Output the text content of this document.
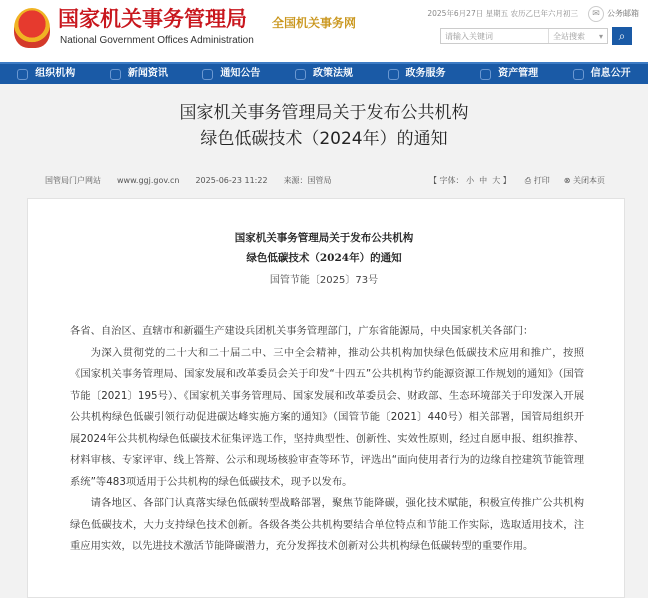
国家机关事务管理局
National Government Offices Administration
全国机关事务网
2025年6月27日 星期五 农历乙巳年六月初三	✉ 公务邮箱
请输入关键词	全站搜索 ▾	⌕
组织机构	新闻资讯	通知公告	政策法规	政务服务	资产管理	信息公开
国家机关事务管理局关于发布公共机构
绿色低碳技术（2024年）的通知
国管局门户网站 www.ggj.gov.cn 2025-06-23 11:22 来源：国管局	【 字体： 小 中 大 】 ⎙ 打印 ⊗ 关闭本页
国家机关事务管理局关于发布公共机构
绿色低碳技术（2024年）的通知
国管节能〔2025〕73号

各省、自治区、直辖市和新疆生产建设兵团机关事务管理部门，广东省能源局，中央国家机关各部门：

为深入贯彻党的二十大和二十届二中、三中全会精神，推动公共机构加快绿色低碳技术应用和推广，按照《国家机关事务管理局、国家发展和改革委员会关于印发“十四五”公共机构节约能源资源工作规划的通知》（国管节能〔2021〕195号）、《国家机关事务管理局、国家发展和改革委员会、财政部、生态环境部关于印发深入开展公共机构绿色低碳引领行动促进碳达峰实施方案的通知》（国管节能〔2021〕440号）相关部署，国管局组织开展2024年公共机构绿色低碳技术征集评选工作，坚持典型性、创新性、实效性原则，经过自愿申报、组织推荐、材料审核、专家评审、线上答辩、公示和现场核验审查等环节，评选出“面向使用者行为的边缘自控建筑节能管理系统”等483项适用于公共机构的绿色低碳技术，现予以发布。

请各地区、各部门认真落实绿色低碳转型战略部署，聚焦节能降碳，强化技术赋能，积极宣传推广公共机构绿色低碳技术，大力支持绿色技术创新。各级各类公共机构要结合单位特点和节能工作实际，选取适用技术，注重应用实效，以先进技术激活节能降碳潜力，充分发挥技术创新对公共机构绿色低碳转型的重要作用。
